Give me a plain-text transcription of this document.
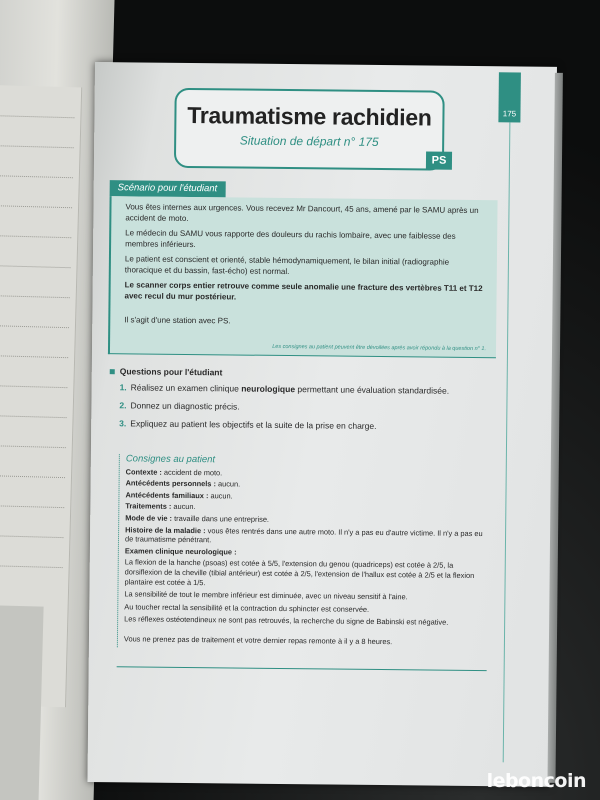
175
Traumatisme rachidien
Situation de départ n° 175
PS
Scénario pour l'étudiant

Vous êtes internes aux urgences. Vous recevez Mr Dancourt, 45 ans, amené par le SAMU après un accident de moto.

Le médecin du SAMU vous rapporte des douleurs du rachis lombaire, avec une faiblesse des membres inférieurs.

Le patient est conscient et orienté, stable hémodynamiquement, le bilan initial (radiographie thoracique et du bassin, fast-écho) est normal.

Le scanner corps entier retrouve comme seule anomalie une fracture des vertèbres T11 et T12 avec recul du mur postérieur.

Il s'agit d'une station avec PS.

Les consignes au patient peuvent être dévoilées après avoir répondu à la question n° 1.
Questions pour l'étudiant
1. Réalisez un examen clinique neurologique permettant une évaluation standardisée.
2. Donnez un diagnostic précis.
3. Expliquez au patient les objectifs et la suite de la prise en charge.
Consignes au patient
Contexte : accident de moto.
Antécédents personnels : aucun.
Antécédents familiaux : aucun.
Traitements : aucun.
Mode de vie : travaille dans une entreprise.
Histoire de la maladie : vous êtes rentrés dans une autre moto. Il n'y a pas eu d'autre victime. Il n'y a pas eu de traumatisme pénétrant.
Examen clinique neurologique :
La flexion de la hanche (psoas) est cotée à 5/5, l'extension du genou (quadriceps) est cotée à 2/5, la dorsiflexion de la cheville (tibial antérieur) est cotée à 2/5, l'extension de l'hallux est cotée à 2/5 et la flexion plantaire est cotée à 1/5.
La sensibilité de tout le membre inférieur est diminuée, avec un niveau sensitif à l'aine.
Au toucher rectal la sensibilité et la contraction du sphincter est conservée.
Les réflexes ostéotendineux ne sont pas retrouvés, la recherche du signe de Babinski est négative.
Vous ne prenez pas de traitement et votre dernier repas remonte à il y a 8 heures.
leboncoin
